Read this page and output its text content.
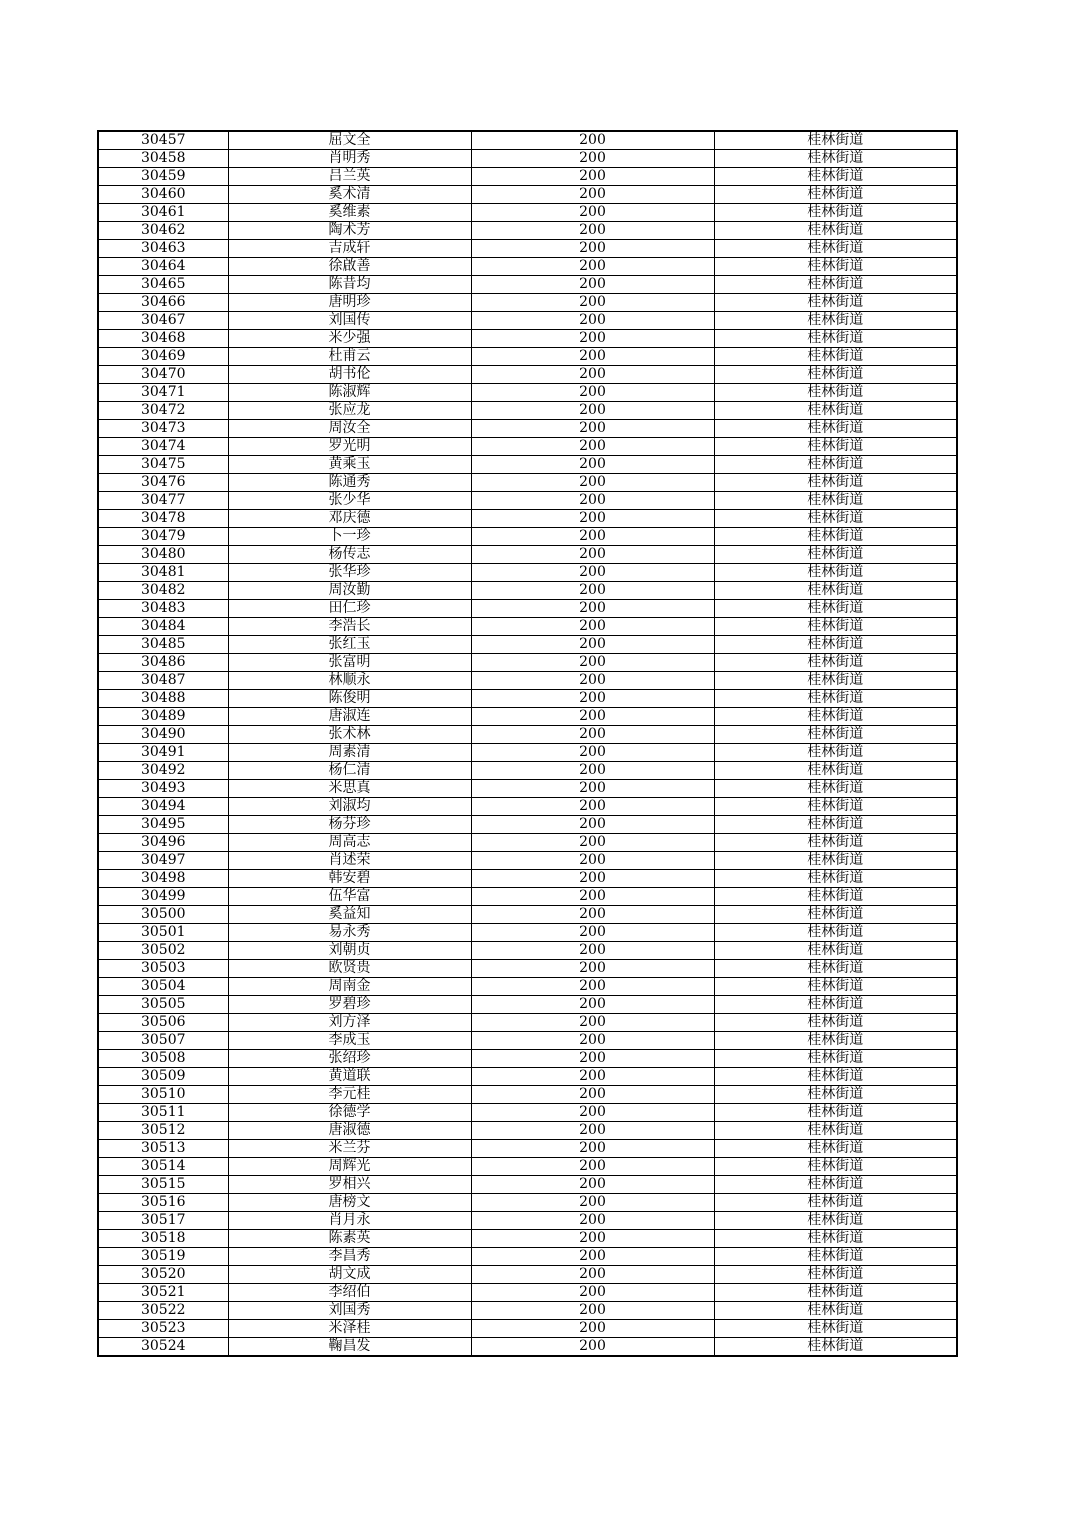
30457	屈文全	200	桂林街道
30458	肖明秀	200	桂林街道
30459	吕兰英	200	桂林街道
30460	奚术清	200	桂林街道
30461	奚维素	200	桂林街道
30462	陶术芳	200	桂林街道
30463	吉成轩	200	桂林街道
30464	徐啟善	200	桂林街道
30465	陈昔均	200	桂林街道
30466	唐明珍	200	桂林街道
30467	刘国传	200	桂林街道
30468	米少强	200	桂林街道
30469	杜甫云	200	桂林街道
30470	胡书伦	200	桂林街道
30471	陈淑辉	200	桂林街道
30472	张应龙	200	桂林街道
30473	周汝全	200	桂林街道
30474	罗光明	200	桂林街道
30475	黄乘玉	200	桂林街道
30476	陈通秀	200	桂林街道
30477	张少华	200	桂林街道
30478	邓庆德	200	桂林街道
30479	卜一珍	200	桂林街道
30480	杨传志	200	桂林街道
30481	张华珍	200	桂林街道
30482	周汝勤	200	桂林街道
30483	田仁珍	200	桂林街道
30484	李浩长	200	桂林街道
30485	张红玉	200	桂林街道
30486	张富明	200	桂林街道
30487	林顺永	200	桂林街道
30488	陈俊明	200	桂林街道
30489	唐淑连	200	桂林街道
30490	张术林	200	桂林街道
30491	周素清	200	桂林街道
30492	杨仁清	200	桂林街道
30493	米思真	200	桂林街道
30494	刘淑均	200	桂林街道
30495	杨芬珍	200	桂林街道
30496	周高志	200	桂林街道
30497	肖述荣	200	桂林街道
30498	韩安碧	200	桂林街道
30499	伍华富	200	桂林街道
30500	奚益知	200	桂林街道
30501	易永秀	200	桂林街道
30502	刘朝贞	200	桂林街道
30503	欧贤贵	200	桂林街道
30504	周南金	200	桂林街道
30505	罗碧珍	200	桂林街道
30506	刘方泽	200	桂林街道
30507	李成玉	200	桂林街道
30508	张绍珍	200	桂林街道
30509	黄道联	200	桂林街道
30510	李元桂	200	桂林街道
30511	徐德学	200	桂林街道
30512	唐淑德	200	桂林街道
30513	米兰芬	200	桂林街道
30514	周辉光	200	桂林街道
30515	罗相兴	200	桂林街道
30516	唐榜文	200	桂林街道
30517	肖月永	200	桂林街道
30518	陈素英	200	桂林街道
30519	李昌秀	200	桂林街道
30520	胡文成	200	桂林街道
30521	李绍伯	200	桂林街道
30522	刘国秀	200	桂林街道
30523	米泽桂	200	桂林街道
30524	鞠昌发	200	桂林街道
